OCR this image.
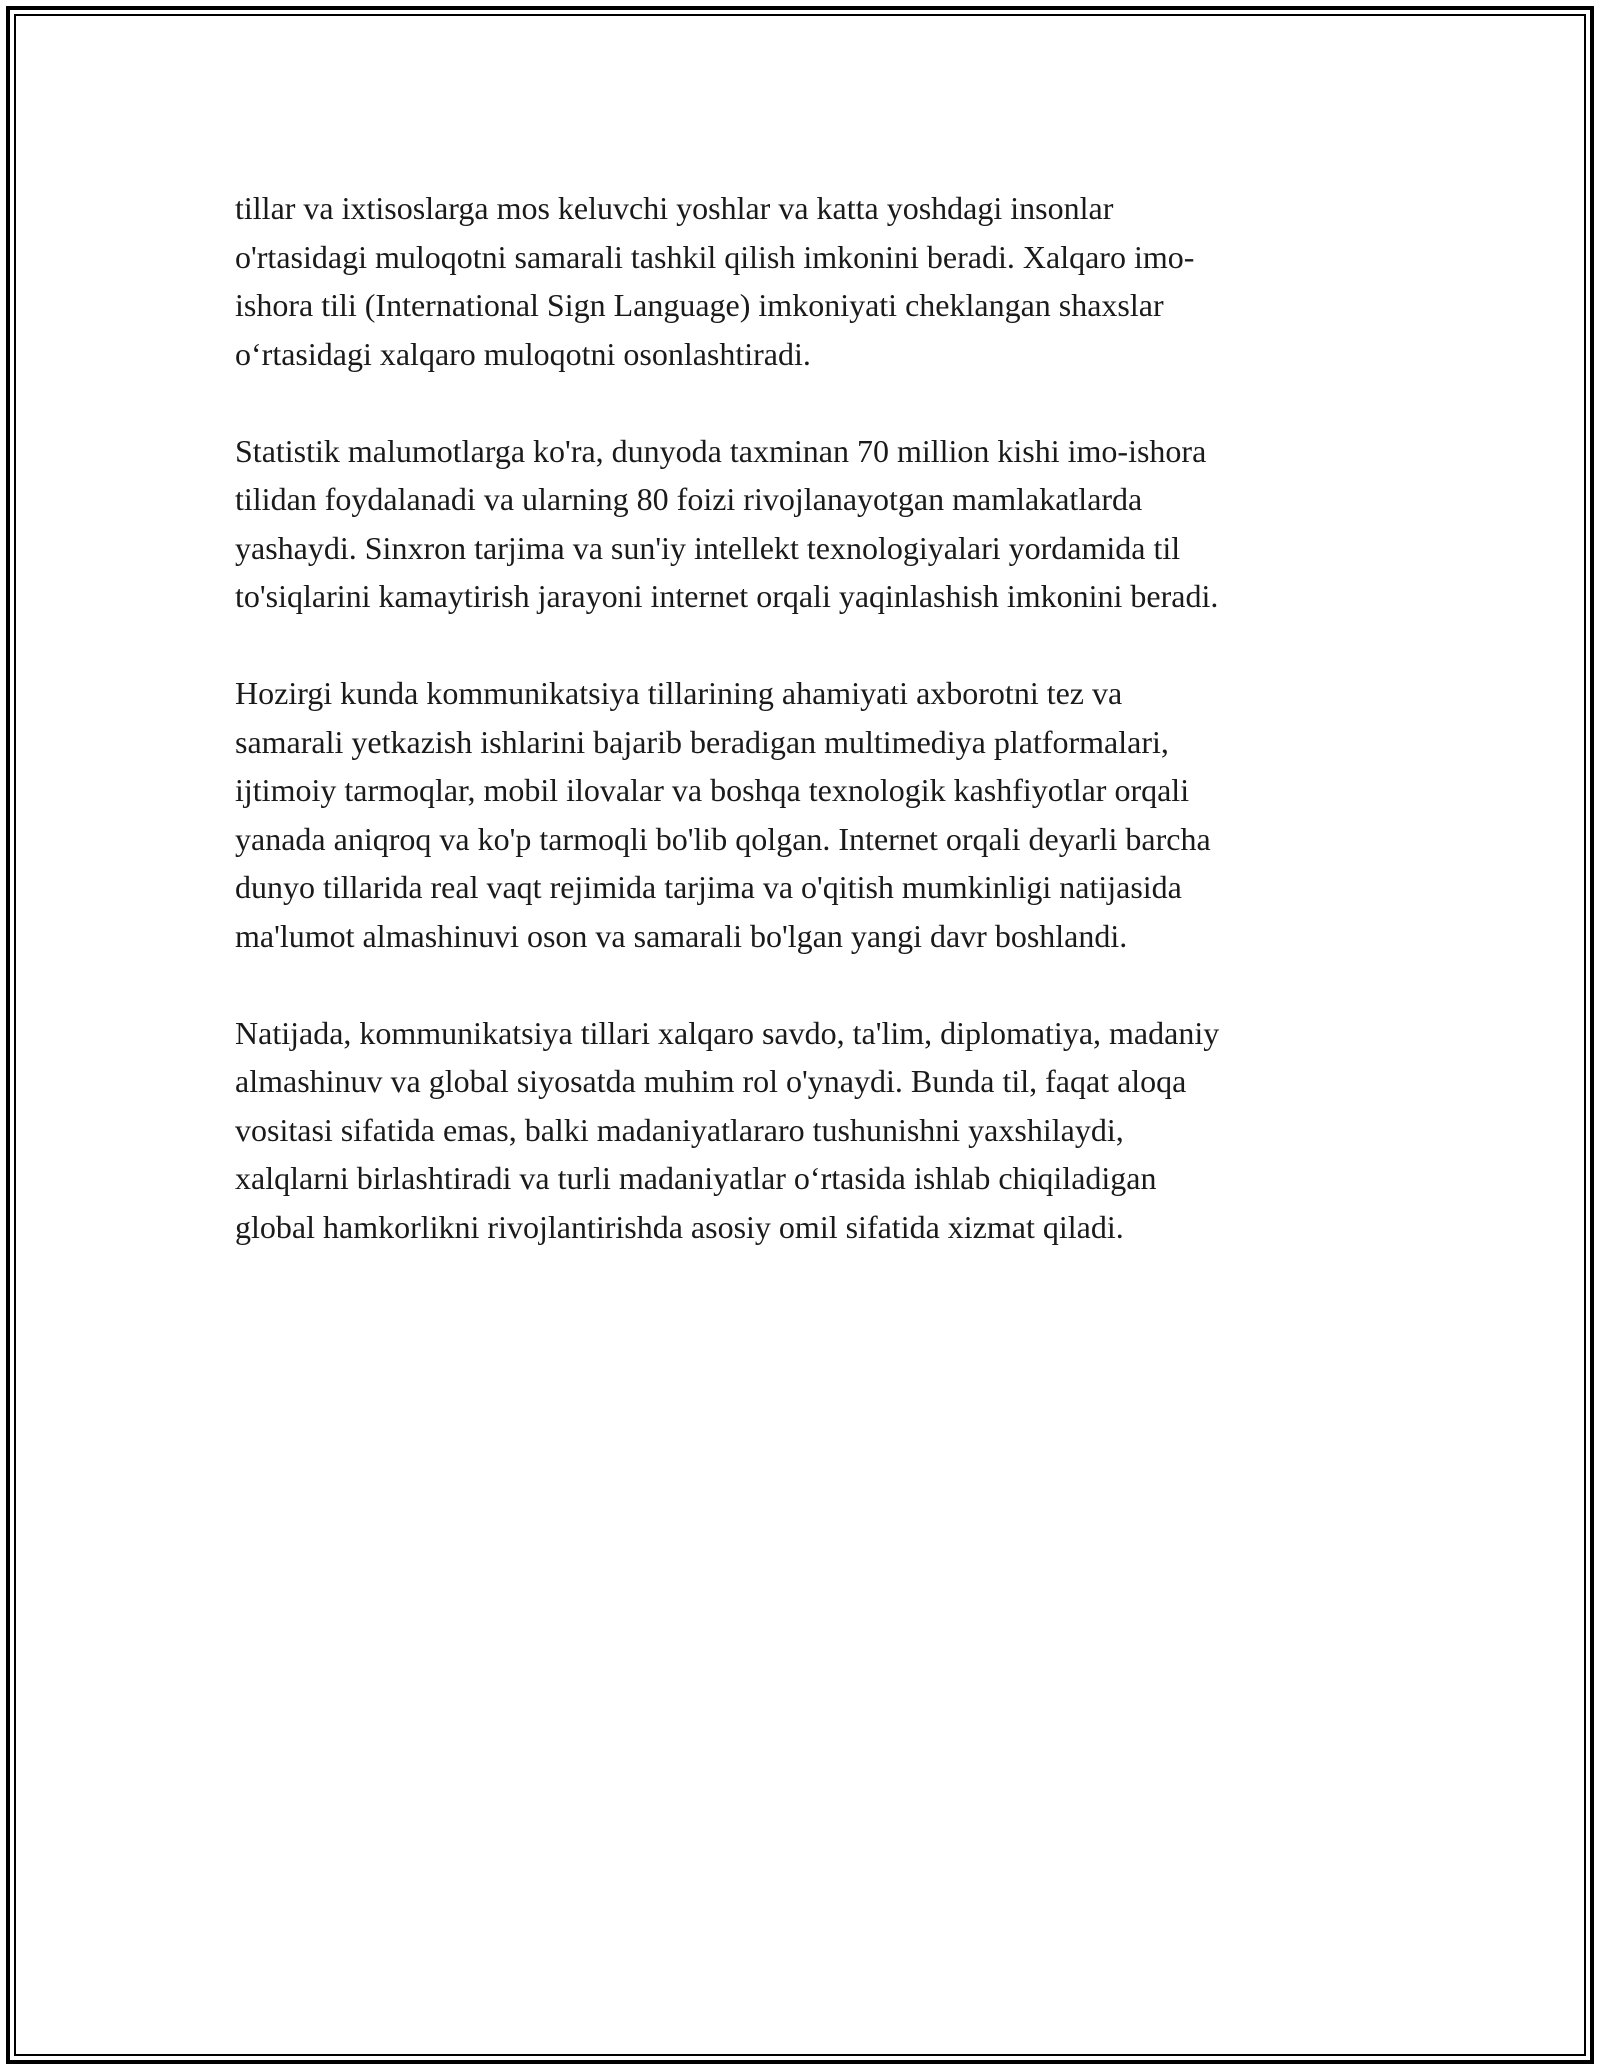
tillar va ixtisoslarga mos keluvchi yoshlar va katta yoshdagi insonlar
o'rtasidagi muloqotni samarali tashkil qilish imkonini beradi. Xalqaro imo-
ishora tili (International Sign Language) imkoniyati cheklangan shaxslar
oʻrtasidagi xalqaro muloqotni osonlashtiradi.

Statistik malumotlarga ko'ra, dunyoda taxminan 70 million kishi imo-ishora
tilidan foydalanadi va ularning 80 foizi rivojlanayotgan mamlakatlarda
yashaydi. Sinxron tarjima va sun'iy intellekt texnologiyalari yordamida til
to'siqlarini kamaytirish jarayoni internet orqali yaqinlashish imkonini beradi.

Hozirgi kunda kommunikatsiya tillarining ahamiyati axborotni tez va
samarali yetkazish ishlarini bajarib beradigan multimediya platformalari,
ijtimoiy tarmoqlar, mobil ilovalar va boshqa texnologik kashfiyotlar orqali
yanada aniqroq va ko'p tarmoqli bo'lib qolgan. Internet orqali deyarli barcha
dunyo tillarida real vaqt rejimida tarjima va o'qitish mumkinligi natijasida
ma'lumot almashinuvi oson va samarali bo'lgan yangi davr boshlandi.

Natijada, kommunikatsiya tillari xalqaro savdo, ta'lim, diplomatiya, madaniy
almashinuv va global siyosatda muhim rol o'ynaydi. Bunda til, faqat aloqa
vositasi sifatida emas, balki madaniyatlararo tushunishni yaxshilaydi,
xalqlarni birlashtiradi va turli madaniyatlar oʻrtasida ishlab chiqiladigan
global hamkorlikni rivojlantirishda asosiy omil sifatida xizmat qiladi.
